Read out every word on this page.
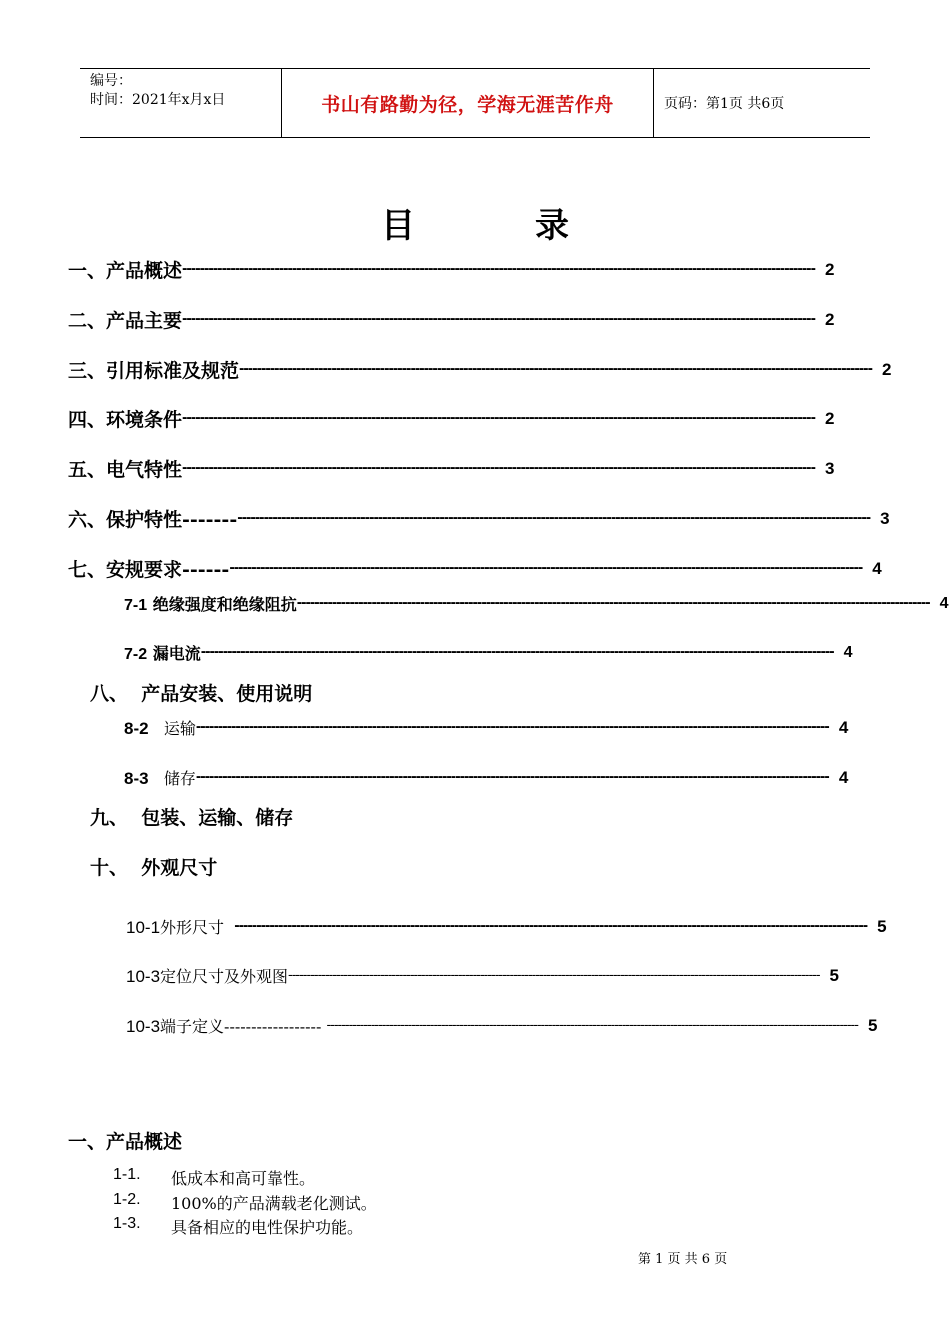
编号：
时间：2021年x月x日	书山有路勤为径，学海无涯苦作舟	页码：第1页 共6页
目录
一、产品概述 ------------------------------------------------------------------------------------------------------------------------------------------------ 2
二、产品主要 ------------------------------------------------------------------------------------------------------------------------------------------------ 2
三、引用标准及规范 ------------------------------------------------------------------------------------------------------------------------------------------------ 2
四、环境条件 ------------------------------------------------------------------------------------------------------------------------------------------------ 2
五、电气特性 ------------------------------------------------------------------------------------------------------------------------------------------------ 3
六、保护特性------- ------------------------------------------------------------------------------------------------------------------------------------------------ 3
七、安规要求------ ------------------------------------------------------------------------------------------------------------------------------------------------ 4
7-1 绝缘强度和绝缘阻抗 ------------------------------------------------------------------------------------------------------------------------------------------------ 4
7-2 漏电流 ------------------------------------------------------------------------------------------------------------------------------------------------ 4
八、  产品安装、使用说明
8-2 运输 ------------------------------------------------------------------------------------------------------------------------------------------------ 4
8-3 储存 ------------------------------------------------------------------------------------------------------------------------------------------------ 4
九、  包装、运输、储存
十、  外观尺寸
10-1外形尺寸 ------------------------------------------------------------------------------------------------------------------------------------------------ 5
10-3定位尺寸及外观图 ------------------------------------------------------------------------------------------------------------------------------------------------ 5
10-3端子定义------------------ ------------------------------------------------------------------------------------------------------------------------------------------------ 5
一、产品概述
1-1.	低成本和高可靠性。
1-2.	100%的产品满载老化测试。
1-3.	具备相应的电性保护功能。
第 1 页 共 6 页
